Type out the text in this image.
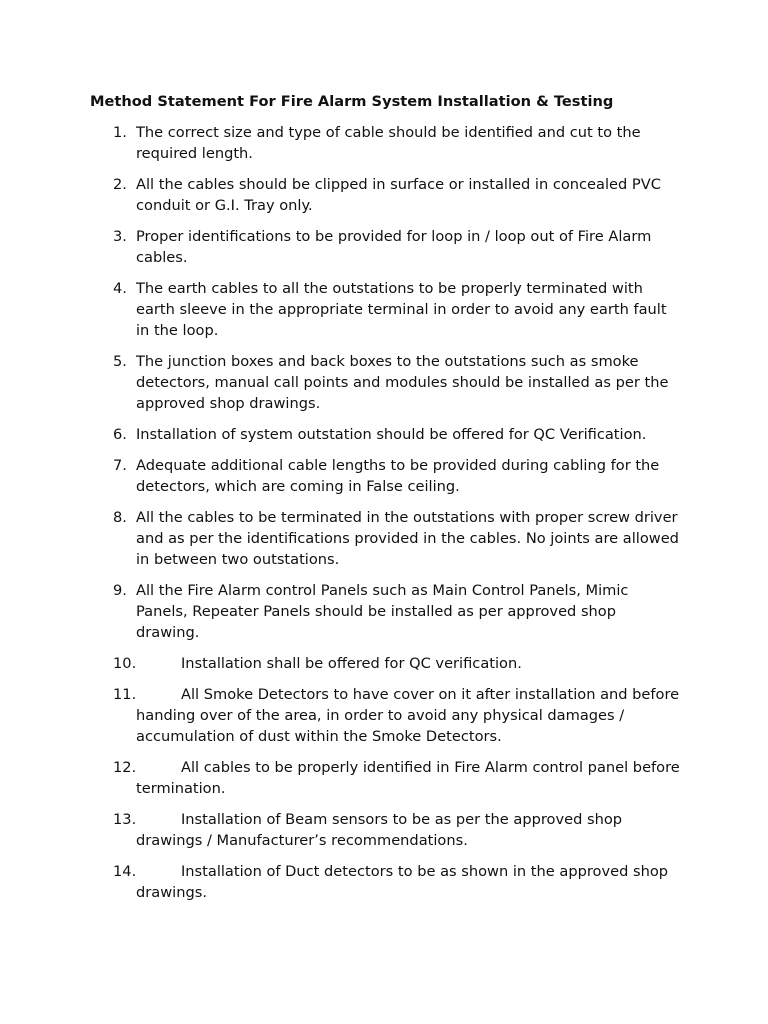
Method Statement For Fire Alarm System Installation & Testing
1. The correct size and type of cable should be identified and cut to the required length.
2. All the cables should be clipped in surface or installed in concealed PVC conduit or G.I. Tray only.
3. Proper identifications to be provided for loop in / loop out of Fire Alarm cables.
4. The earth cables to all the outstations to be properly terminated with earth sleeve in the appropriate terminal in order to avoid any earth fault in the loop.
5. The junction boxes and back boxes to the outstations such as smoke detectors, manual call points and modules should be installed as per the approved shop drawings.
6. Installation of system outstation should be offered for QC Verification.
7. Adequate additional cable lengths to be provided during cabling for the detectors, which are coming in False ceiling.
8. All the cables to be terminated in the outstations with proper screw driver and as per the identifications provided in the cables. No joints are allowed in between two outstations.
9. All the Fire Alarm control Panels such as Main Control Panels, Mimic Panels, Repeater Panels should be installed as per approved shop drawing.
10.	Installation shall be offered for QC verification.
11.	All Smoke Detectors to have cover on it after installation and before handing over of the area, in order to avoid any physical damages / accumulation of dust within the Smoke Detectors.
12.	All cables to be properly identified in Fire Alarm control panel before termination.
13.	Installation of Beam sensors to be as per the approved shop drawings / Manufacturer’s recommendations.
14.	Installation of Duct detectors to be as shown in the approved shop drawings.
